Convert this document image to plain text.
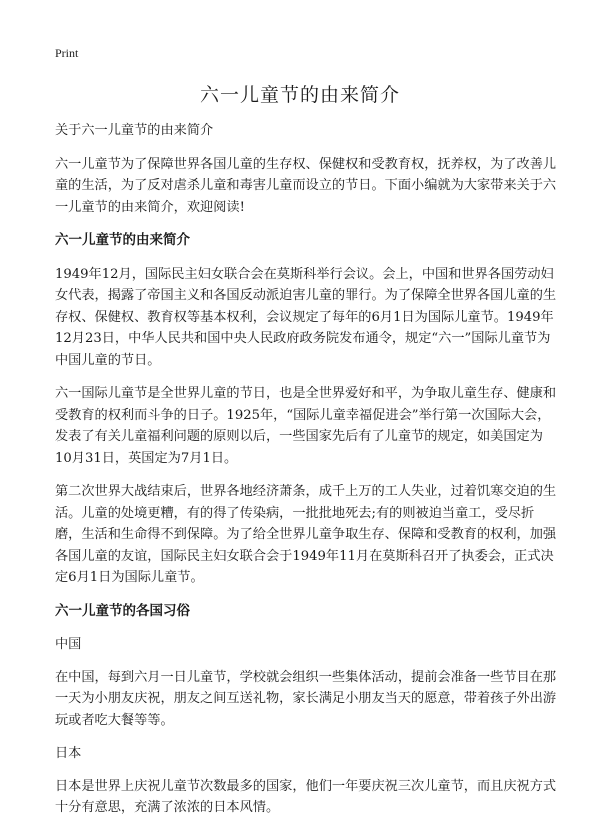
Print
六一儿童节的由来简介

关于六一儿童节的由来简介

六一儿童节为了保障世界各国儿童的生存权、保健权和受教育权，抚养权，为了改善儿童的生活，为了反对虐杀儿童和毒害儿童而设立的节日。下面小编就为大家带来关于六一儿童节的由来简介，欢迎阅读!

六一儿童节的由来简介

1949年12月，国际民主妇女联合会在莫斯科举行会议。会上，中国和世界各国劳动妇女代表，揭露了帝国主义和各国反动派迫害儿童的罪行。为了保障全世界各国儿童的生存权、保健权、教育权等基本权利，会议规定了每年的6月1日为国际儿童节。1949年12月23日，中华人民共和国中央人民政府政务院发布通令，规定“六一”国际儿童节为中国儿童的节日。

六一国际儿童节是全世界儿童的节日，也是全世界爱好和平，为争取儿童生存、健康和受教育的权利而斗争的日子。1925年，“国际儿童幸福促进会”举行第一次国际大会，发表了有关儿童福利问题的原则以后，一些国家先后有了儿童节的规定，如美国定为10月31日，英国定为7月1日。

第二次世界大战结束后，世界各地经济萧条，成千上万的工人失业，过着饥寒交迫的生活。儿童的处境更糟，有的得了传染病，一批批地死去;有的则被迫当童工，受尽折磨，生活和生命得不到保障。为了给全世界儿童争取生存、保障和受教育的权利，加强各国儿童的友谊，国际民主妇女联合会于1949年11月在莫斯科召开了执委会，正式决定6月1日为国际儿童节。

六一儿童节的各国习俗

中国

在中国，每到六月一日儿童节，学校就会组织一些集体活动，提前会准备一些节目在那一天为小朋友庆祝，朋友之间互送礼物，家长满足小朋友当天的愿意，带着孩子外出游玩或者吃大餐等等。

日本

日本是世界上庆祝儿童节次数最多的国家，他们一年要庆祝三次儿童节，而且庆祝方式十分有意思，充满了浓浓的日本风情。
